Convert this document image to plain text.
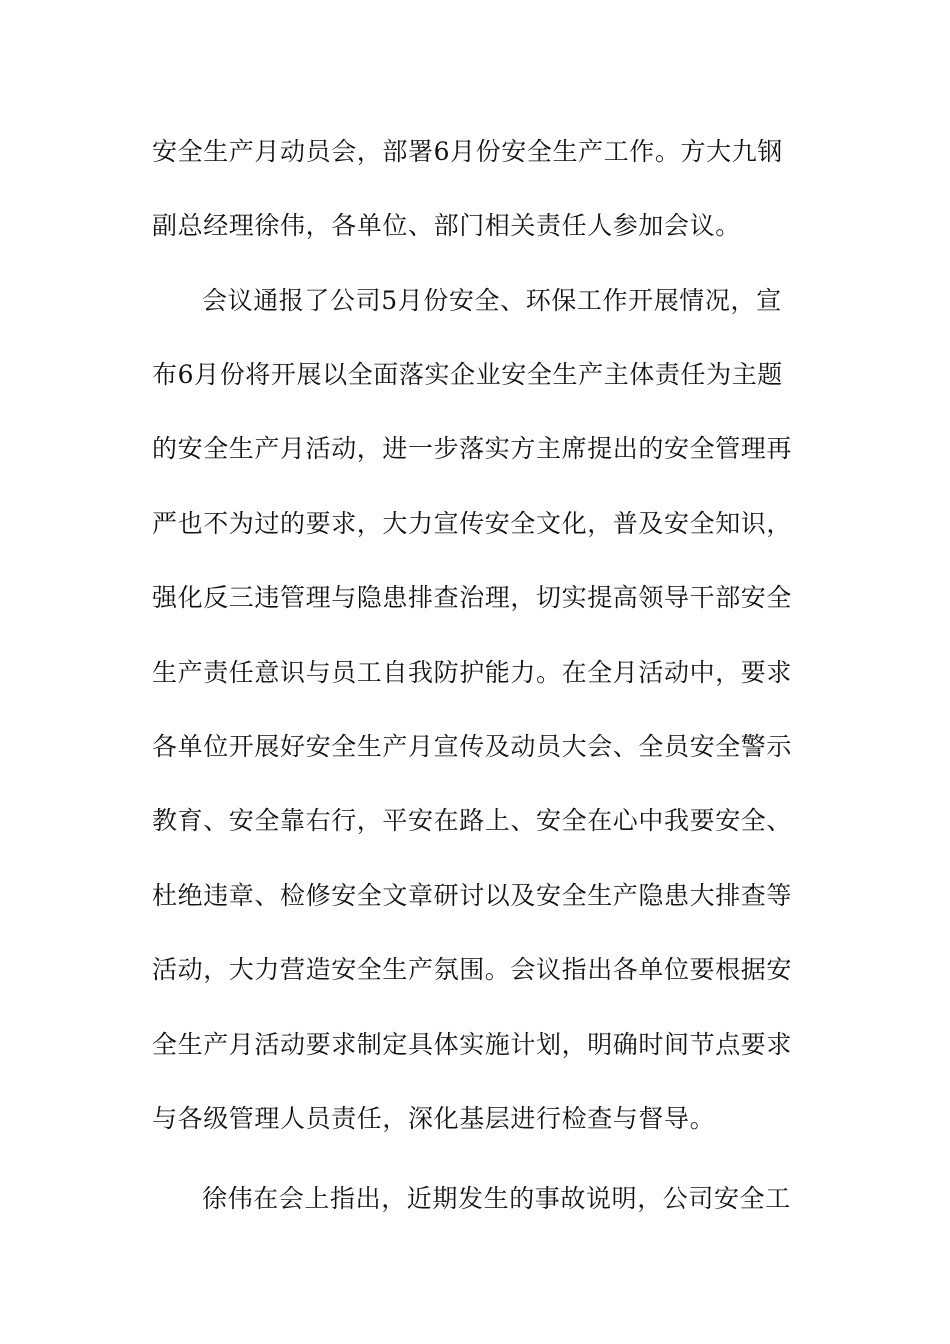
安全生产月动员会，部署6月份安全生产工作。方大九钢
副总经理徐伟，各单位、部门相关责任人参加会议。
会议通报了公司5月份安全、环保工作开展情况，宣
布6月份将开展以全面落实企业安全生产主体责任为主题
的安全生产月活动，进一步落实方主席提出的安全管理再
严也不为过的要求，大力宣传安全文化，普及安全知识，
强化反三违管理与隐患排查治理，切实提高领导干部安全
生产责任意识与员工自我防护能力。在全月活动中，要求
各单位开展好安全生产月宣传及动员大会、全员安全警示
教育、安全靠右行，平安在路上、安全在心中我要安全、
杜绝违章、检修安全文章研讨以及安全生产隐患大排查等
活动，大力营造安全生产氛围。会议指出各单位要根据安
全生产月活动要求制定具体实施计划，明确时间节点要求
与各级管理人员责任，深化基层进行检查与督导。
徐伟在会上指出，近期发生的事故说明，公司安全工
